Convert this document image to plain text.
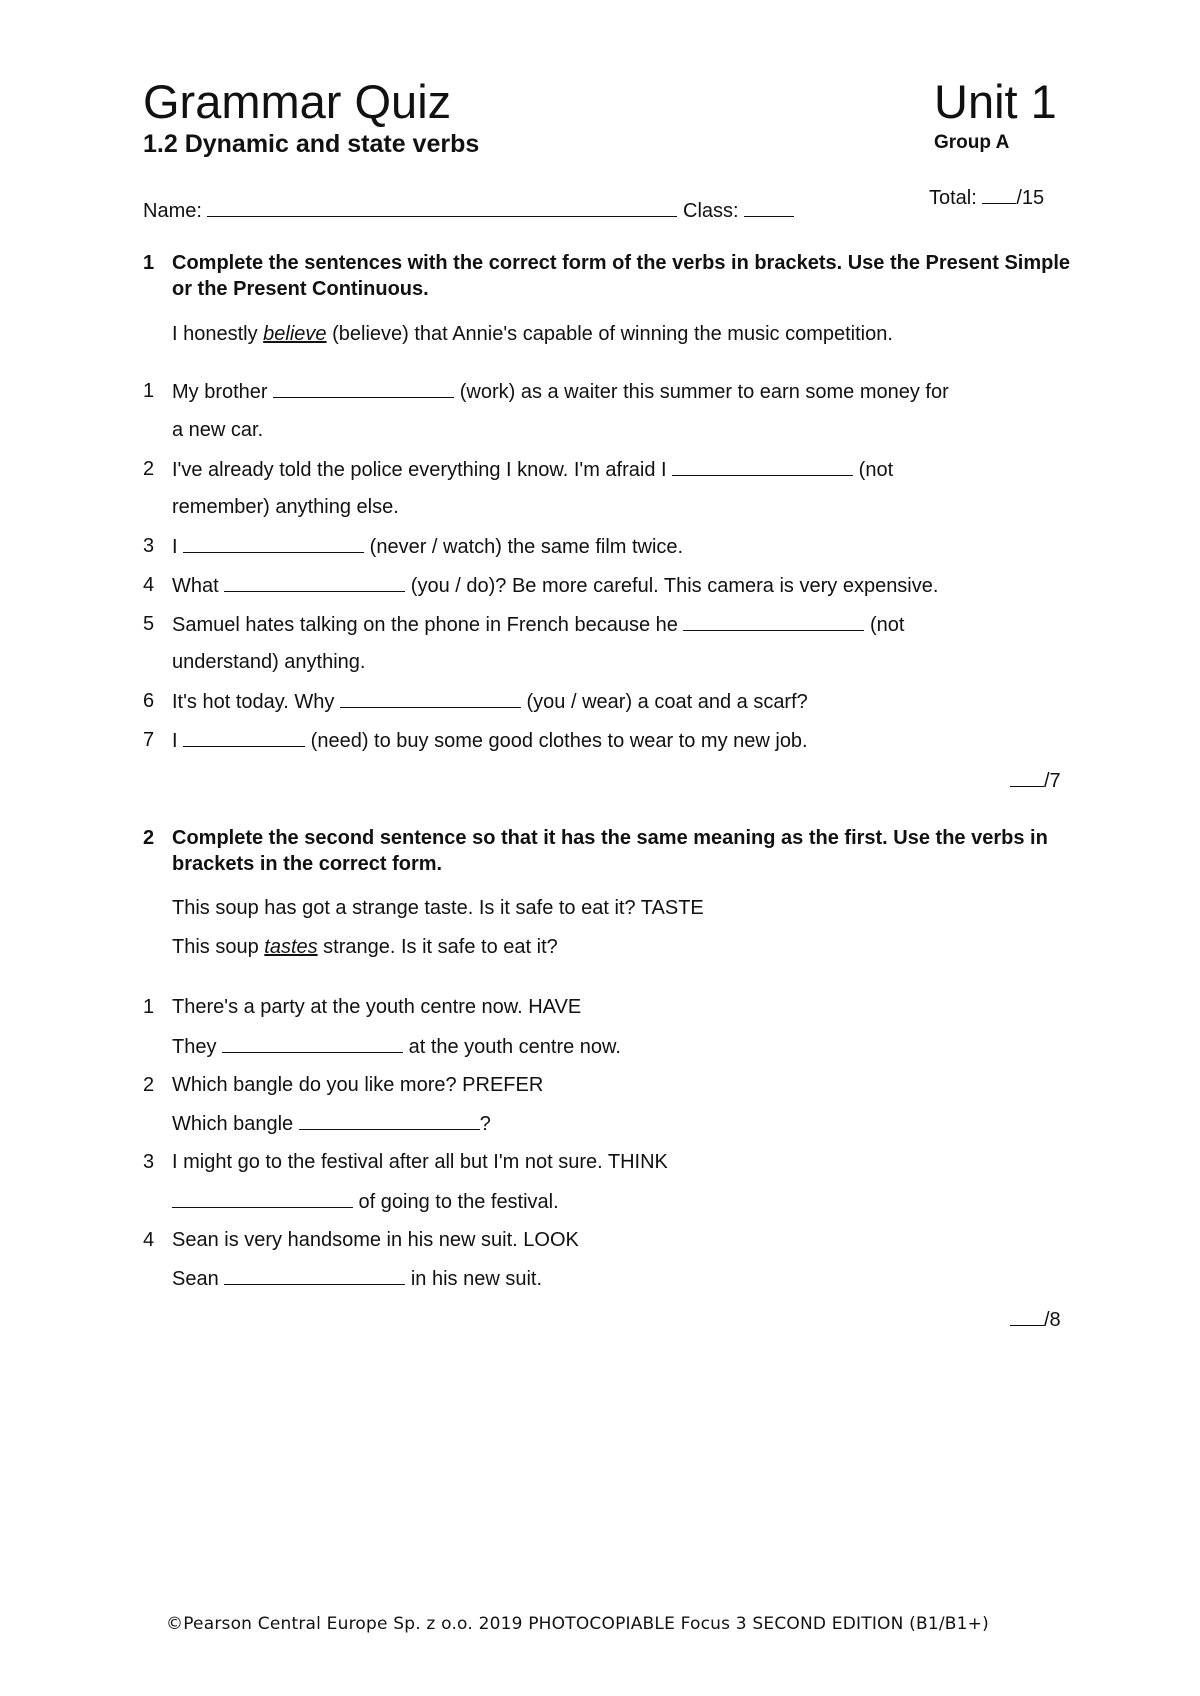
Grammar Quiz	Unit 1
1.2 Dynamic and state verbs	Group A
Name:	Class:
Total: /15
1 Complete the sentences with the correct form of the verbs in brackets. Use the Present Simple or the Present Continuous.
I honestly believe (believe) that Annie's capable of winning the music competition.
1 My brother	(work) as a waiter this summer to earn some money for
a new car.
2 I've already told the police everything I know. I'm afraid I	(not
remember) anything else.
3 I	(never / watch) the same film twice.
4 What	(you / do)? Be more careful. This camera is very expensive.
5 Samuel hates talking on the phone in French because he	(not
understand) anything.
6 It's hot today. Why	(you / wear) a coat and a scarf?
7 I	(need) to buy some good clothes to wear to my new job.
/7
2 Complete the second sentence so that it has the same meaning as the first. Use the verbs in brackets in the correct form.
This soup has got a strange taste. Is it safe to eat it? TASTE
This soup tastes strange. Is it safe to eat it?
1 There's a party at the youth centre now. HAVE
They	at the youth centre now.
2 Which bangle do you like more? PREFER
Which bangle	?
3 I might go to the festival after all but I'm not sure. THINK
of going to the festival.
4 Sean is very handsome in his new suit. LOOK
Sean	in his new suit.
/8
©Pearson Central Europe Sp. z o.o. 2019 PHOTOCOPIABLE Focus 3 SECOND EDITION (B1/B1+)
